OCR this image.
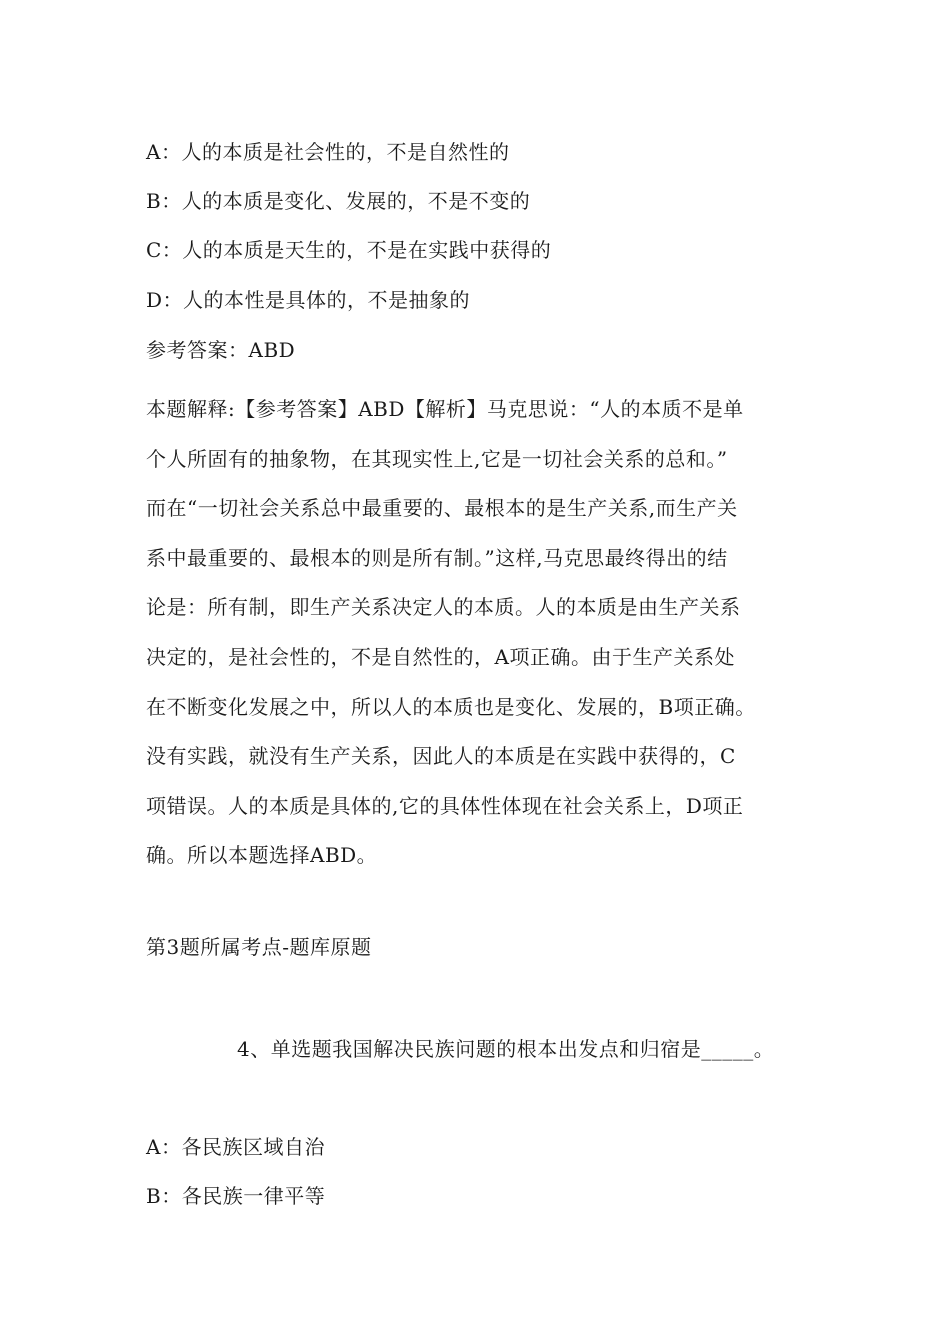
A：人的本质是社会性的，不是自然性的
B：人的本质是变化、发展的，不是不变的
C：人的本质是天生的，不是在实践中获得的
D：人的本性是具体的，不是抽象的
参考答案：ABD
本题解释:【参考答案】ABD【解析】马克思说：“人的本质不是单
个人所固有的抽象物，在其现实性上,它是一切社会关系的总和。”
而在“一切社会关系总中最重要的、最根本的是生产关系,而生产关
系中最重要的、最根本的则是所有制。”这样,马克思最终得出的结
论是：所有制，即生产关系决定人的本质。人的本质是由生产关系
决定的，是社会性的，不是自然性的，A项正确。由于生产关系处
在不断变化发展之中，所以人的本质也是变化、发展的，B项正确。
没有实践，就没有生产关系，因此人的本质是在实践中获得的，C
项错误。人的本质是具体的,它的具体性体现在社会关系上，D项正
确。所以本题选择ABD。
第3题所属考点-题库原题
4、单选题我国解决民族问题的根本出发点和归宿是_____。
A：各民族区域自治
B：各民族一律平等
